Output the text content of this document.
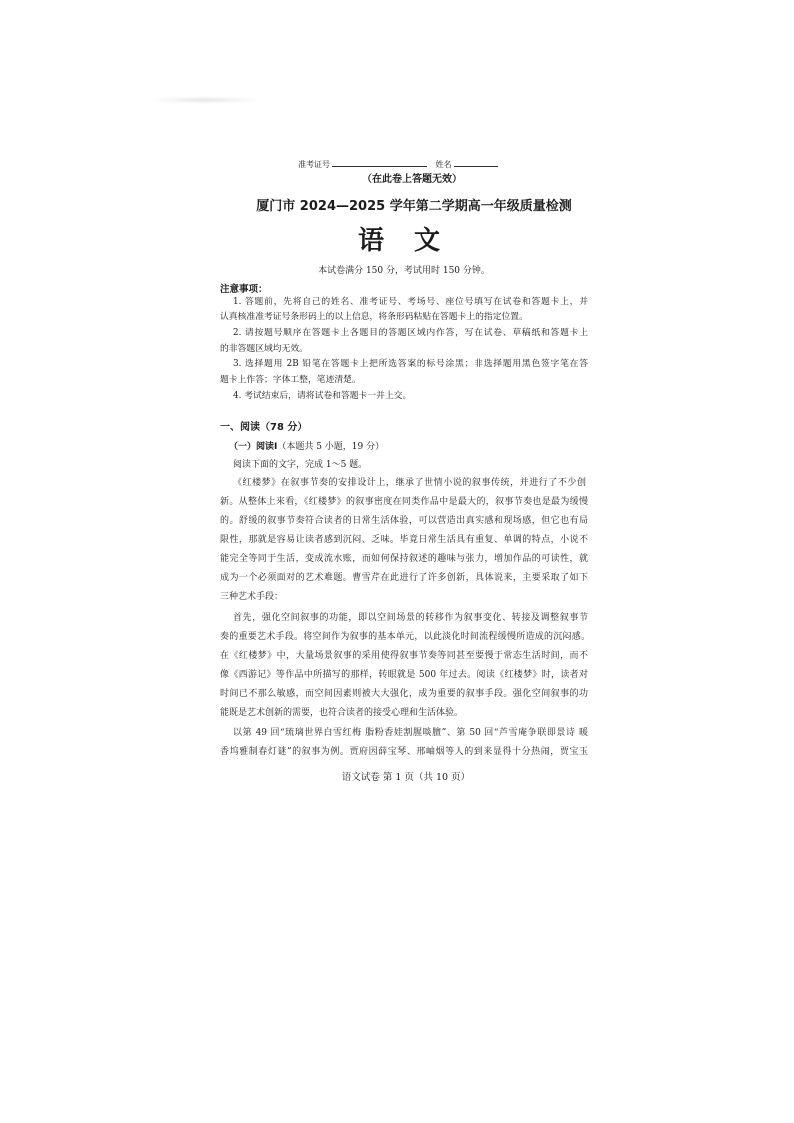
准考证号	姓名
（在此卷上答题无效）
厦门市 2024—2025 学年第二学期高一年级质量检测
语文
本试卷满分 150 分，考试用时 150 分钟。
注意事项：
1. 答题前，先将自己的姓名、准考证号、考场号、座位号填写在试卷和答题卡上，并
认真核准准考证号条形码上的以上信息，将条形码粘贴在答题卡上的指定位置。
2. 请按题号顺序在答题卡上各题目的答题区域内作答，写在试卷、草稿纸和答题卡上
的非答题区域均无效。
3. 选择题用 2B 铅笔在答题卡上把所选答案的标号涂黑；非选择题用黑色签字笔在答
题卡上作答；字体工整，笔迹清楚。
4. 考试结束后，请将试卷和答题卡一并上交。
一、阅读（78 分）
（一）阅读Ⅰ（本题共 5 小题，19 分）
阅读下面的文字，完成 1～5 题。
《红楼梦》在叙事节奏的安排设计上，继承了世情小说的叙事传统，并进行了不少创
新。从整体上来看，《红楼梦》的叙事密度在同类作品中是最大的，叙事节奏也是最为缓慢
的。舒缓的叙事节奏符合读者的日常生活体验，可以营造出真实感和现场感，但它也有局
限性，那就是容易让读者感到沉闷、乏味。毕竟日常生活具有重复、单调的特点，小说不
能完全等同于生活，变成流水账，而如何保持叙述的趣味与张力，增加作品的可读性，就
成为一个必须面对的艺术难题。曹雪芹在此进行了许多创新，具体说来，主要采取了如下
三种艺术手段：
首先，强化空间叙事的功能，即以空间场景的转移作为叙事变化、转接及调整叙事节
奏的重要艺术手段。将空间作为叙事的基本单元，以此淡化时间流程缓慢所造成的沉闷感。
在《红楼梦》中，大量场景叙事的采用使得叙事节奏等同甚至要慢于常态生活时间，而不
像《西游记》等作品中所描写的那样，转眼就是 500 年过去。阅读《红楼梦》时，读者对
时间已不那么敏感，而空间因素则被大大强化，成为重要的叙事手段。强化空间叙事的功
能既是艺术创新的需要，也符合读者的接受心理和生活体验。
以第 49 回“琉璃世界白雪红梅 脂粉香娃割腥啖膻”、第 50 回“芦雪庵争联即景诗 暖
香坞雅制春灯谜”的叙事为例。贾府因薛宝琴、邢岫烟等人的到来显得十分热闹，贾宝玉
语文试卷 第 1 页（共 10 页）
